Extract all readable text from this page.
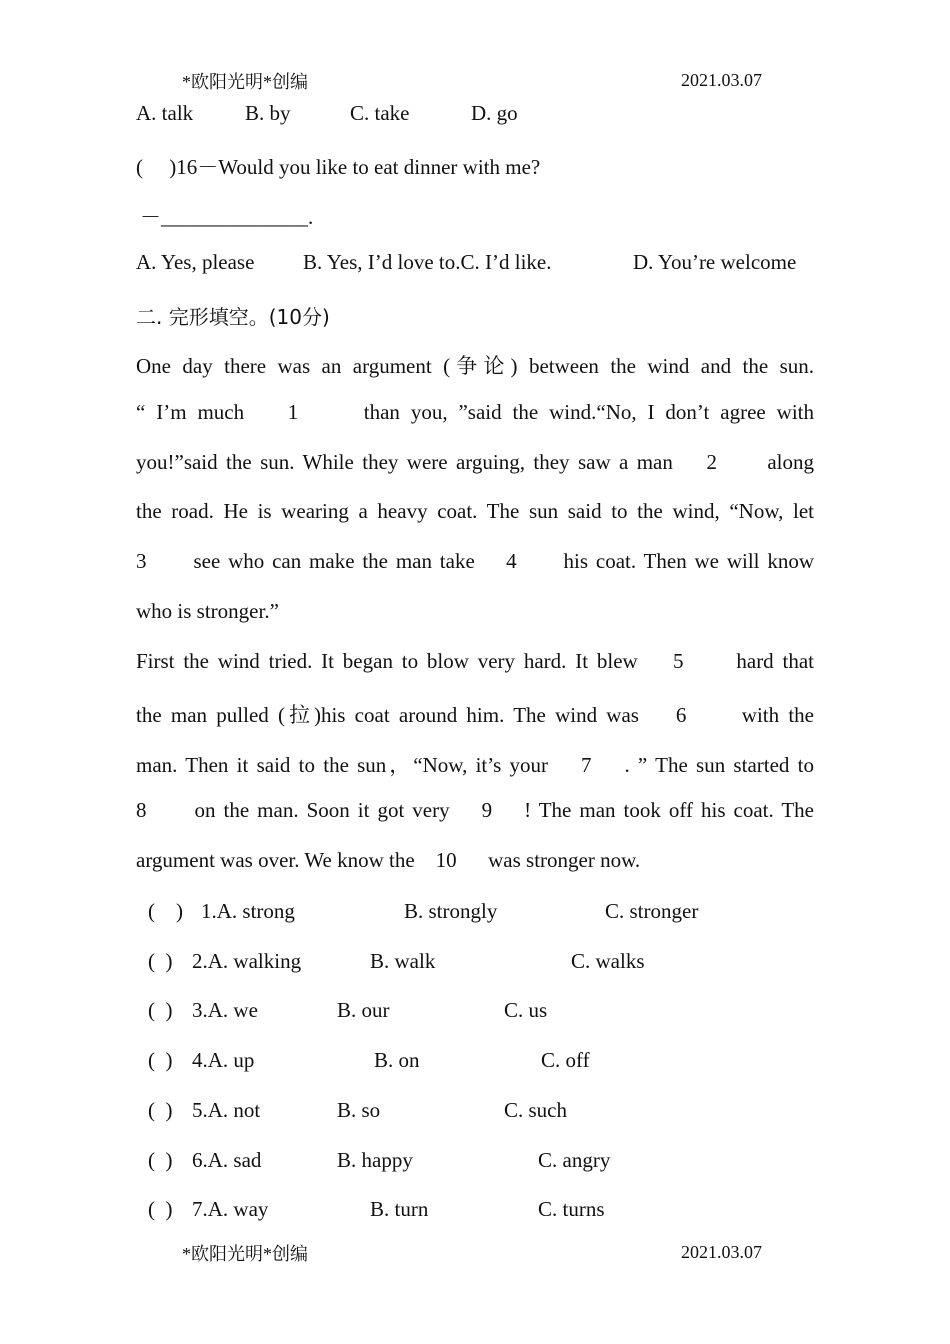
*欧阳光明*创编	2021.03.07
A. talk B. by	C. take	D. go
(     )16－Would you like to eat dinner with me?
－______________.
A. Yes, please B. Yes, I’d love to.C. I’d like.	D. You’re welcome
二. 完形填空。(10分)
One day there was an argument (争论) between the wind and the sun.
“ I’m much    1      than you, ”said the wind.“No, I don’t agree with
you!”said the sun. While they were arguing, they saw a man    2      along
the road. He is wearing a heavy coat. The sun said to the wind, “Now, let
3      see who can make the man take    4      his coat. Then we will know
who is stronger.”
First the wind tried. It began to blow very hard. It blew    5      hard that
the man pulled (拉)his coat around him. The wind was    6      with the
man. Then it said to the sun，“Now, it’s your    7    . ” The sun started to
8      on the man. Soon it got very    9    ! The man took off his coat. The
argument was over. We know the    10      was stronger now.
(    ) 1.A. strong	B. strongly	C. stronger
(  ) 2.A. walking	B. walk	C. walks
(  ) 3.A. we	B. our	C. us
(  ) 4.A. up	B. on	C. off
(  ) 5.A. not	B. so	C. such
(  ) 6.A. sad	B. happy	C. angry
(  ) 7.A. way	B. turn	C. turns
*欧阳光明*创编	2021.03.07
